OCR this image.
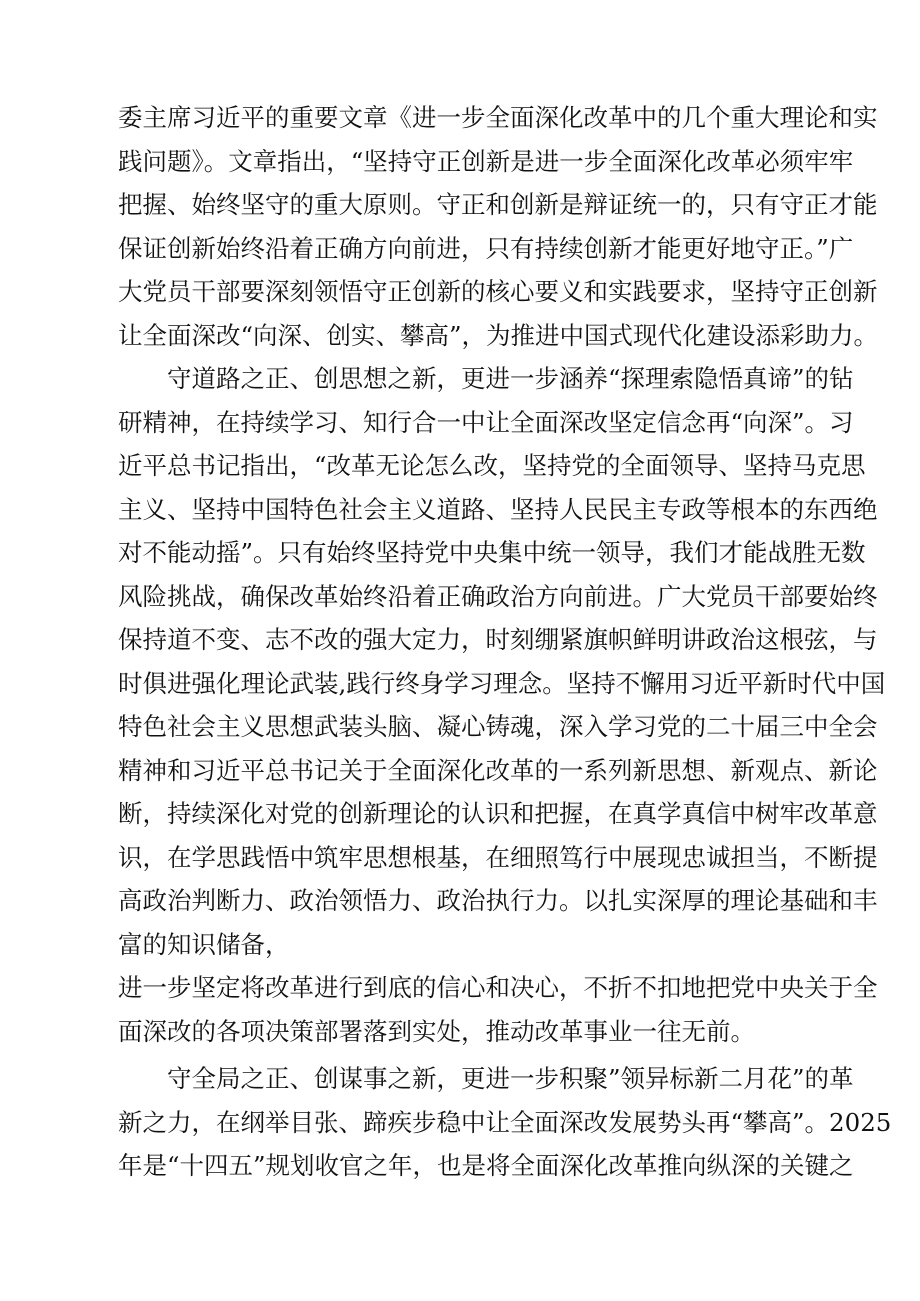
委主席习近平的重要文章《进一步全面深化改革中的几个重大理论和实
践问题》。文章指出，“坚持守正创新是进一步全面深化改革必须牢牢
把握、始终坚守的重大原则。守正和创新是辩证统一的，只有守正才能
保证创新始终沿着正确方向前进，只有持续创新才能更好地守正。”广
大党员干部要深刻领悟守正创新的核心要义和实践要求，坚持守正创新
让全面深改“向深、创实、攀高”，为推进中国式现代化建设添彩助力。
　　守道路之正、创思想之新，更进一步涵养“探理索隐悟真谛”的钻
研精神，在持续学习、知行合一中让全面深改坚定信念再“向深”。习
近平总书记指出，“改革无论怎么改，坚持党的全面领导、坚持马克思
主义、坚持中国特色社会主义道路、坚持人民民主专政等根本的东西绝
对不能动摇”。只有始终坚持党中央集中统一领导，我们才能战胜无数
风险挑战，确保改革始终沿着正确政治方向前进。广大党员干部要始终
保持道不变、志不改的强大定力，时刻绷紧旗帜鲜明讲政治这根弦，与
时俱进强化理论武装,践行终身学习理念。坚持不懈用习近平新时代中国
特色社会主义思想武装头脑、凝心铸魂，深入学习党的二十届三中全会
精神和习近平总书记关于全面深化改革的一系列新思想、新观点、新论
断，持续深化对党的创新理论的认识和把握，在真学真信中树牢改革意
识，在学思践悟中筑牢思想根基，在细照笃行中展现忠诚担当，不断提
高政治判断力、政治领悟力、政治执行力。以扎实深厚的理论基础和丰
富的知识储备，
进一步坚定将改革进行到底的信心和决心，不折不扣地把党中央关于全
面深改的各项决策部署落到实处，推动改革事业一往无前。
　　守全局之正、创谋事之新，更进一步积聚”领异标新二月花”的革
新之力，在纲举目张、蹄疾步稳中让全面深改发展势头再“攀高”。2025
年是“十四五”规划收官之年，也是将全面深化改革推向纵深的关键之
